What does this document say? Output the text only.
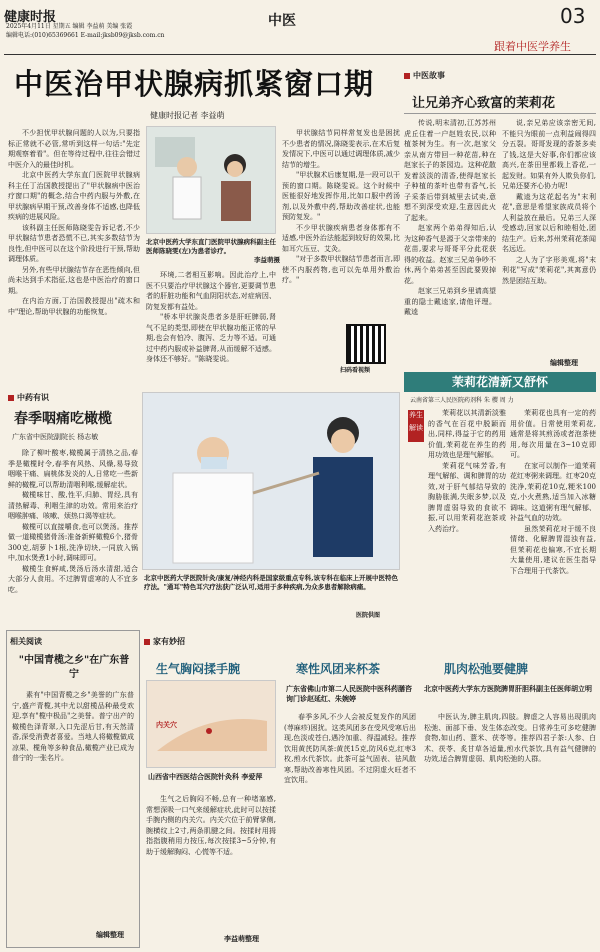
健康时报
2025年4月11日 星期五 编辑 李益萌 美编 张霞
编辑电话:(010)65369661 E-mail:jksb09@jksb.com.cn
中医	03
跟着中医学养生
中医治甲状腺病抓紧窗口期
健康时报记者 李益萌

不少担忧甲状腺问题的人以为,只要指标正常就不必管,常听到这样一句话:"先定期观察着看"。但在等待过程中,往往会错过中医介入的最佳时机。

北京中医药大学东直门医院甲状腺病科主任丁治国教授提出了"甲状腺病中医治疗窗口期"的概念,结合中药内服与外敷,在甲状腺病早期干预,改善身体不适感,也降低疾病的进展风险。

该科副主任医师陈晓雯告诉记者,不少甲状腺结节患者恐慌不已,其实多数结节为良性,但中医可以在这个阶段进行干预,帮助调理体质。

另外,有些甲状腺结节存在恶性倾向,但尚未达到手术指征,这也是中医治疗的窗口期。

在内治方面,丁治国教授提出"疏木和中"理论,帮助甲状腺的功能恢复。

北京中医药大学东直门医院甲状腺病科副主任医师陈晓雯(左)为患者诊疗。
李益萌摄

环境,二者相互影响。因此治疗上,中医不只要治疗甲状腺这个器官,更要调节患者的肝脏功能和气血阴阳状态,对症病因、防复发都有益处。

"桥本甲状腺炎患者多是肝旺脾弱,肾气不足的类型,即使在甲状腺功能正常的早期,也会有怕冷、腹泻、乏力等不适。可通过中药内服或补益脾肾,从而缓解不适感。身体还不够好。"陈晓雯说。

甲状腺结节同样常复发也是困扰不少患者的情况,陈晓雯表示,在术后复发情况下,中医可以通过调理体质,减少结节的增生。

"甲状腺术后康复期,是一段可以干预的窗口期。陈晓雯说。这个时候中医能很好地发挥作用,比如口服中药汤剂,以及外敷中药,帮助改善症状,也能预防复发。"

不少甲状腺疾病患者身体都有不适感,中医外治法能起到较好的效果,比如耳穴压豆、艾灸。

"对于多数甲状腺结节患者而言,即使不内服药物,也可以先单用外敷治疗。"

扫码看视频
中医故事
让兄弟齐心致富的茉莉花

传说,明末清初,江苏苏州虎丘住着一户赵姓农民,以种植茶树为生。有一次,赵家父亲从南方带回一种花苗,种在赵家长子的茶园边。这种花散发着淡淡的清香,使得赵家长子种植的茶叶也带有香气,长子采茶后带到城里去试卖,意想不到深受欢迎,生意因此火了起来。

赵家两个弟弟得知后,认为这种香气是源于父亲带来的花苗,要求与哥哥平分此花获得的收益。赵家三兄弟争吵不休,两个弟弟甚至因此要毁掉花。

赵家三兄弟到乡里请高望重的隐士戴逵家,请他评理。戴逵

说,亲兄弟应该亲密无间,不能只为眼前一点利益闹得四分五裂。哥哥发现的香茶多卖了钱,这是大好事,你们都应该高兴,在茶田里都栽上香花,一起发财。如果有外人欺负你们,兄弟还要齐心协力呢!

戴逵为这花起名为"末利花",意思是希望家族成员将个人利益放在最后。兄弟三人深受感动,回家以后和睦相处,团结生产。后来,苏州茉莉花茶闻名远近。

之人为了字形美观,将"末利花"写成"茉莉花",其寓意仍然是团结互助。

编辑整理
茉莉花清新又舒怀
云南省第三人民医院药剂科 朱 樱 周 力
养生
解读

茉莉花以其清新淡雅的香气在百花中脱颖而出,同样,得益于它的药用价值,茉莉花在养生的药用功效也是理气解郁。

茉莉花气味芳香,有理气解郁、调和脾胃的功效,对于肝气郁结导致的胸胁胀满,失眠多梦,以及脾胃虚弱导致的食欲不振,可以用茉莉花泡茶或入药治疗。

茉莉花也具有一定的药用价值。日常使用茉莉花,通常是将其煎汤或者泡茶使用,每次用量在3~10克即可。

在家可以制作一道茉莉花红枣粥来调理。红枣20克洗净,茉莉花10克,粳米100克,小火煮熟,适当加入冰糖调味。这道粥有理气解郁、补益气血的功效。

虽然茉莉花对于缓不良情绪、化解脾胃湿浊有益,但茉莉花也偏寒,不宜长期大量使用,建议在医生指导下合理用于代茶饮。

中药有识
春季咽痛吃橄榄
广东省中医院副院长 杨志敏

除了柳叶酸枣,橄榄属于清热之品,春季是橄榄时令,春季有风热、风燥,易导致咽喉干痛、扁桃体发炎的人,日常吃一些新鲜的橄榄,可以帮助清咽利喉,缓解症状。

橄榄味甘、酸,性平,归肺、胃经,具有清热解毒、利咽生津的功效。常用来治疗咽喉肿痛、咳嗽、烦热口渴等症状。

橄榄可以直接嚼食,也可以煲汤。推荐做一道橄榄猪骨汤:准备新鲜橄榄6个,猪骨300克,胡萝卜1根,洗净切块,一同放入锅中,加水煲煮1小时,调味即可。

橄榄生食鲜咸,煲汤后汤水清甜,适合大部分人食用。不过脾胃虚寒的人不宜多吃。

北京中医药大学医院针灸/康复/神经内科是国家级重点专科,该专科在临床上开展中医特色疗法。"通耳"特色耳穴疗法获广泛认可,适用于多种疾病,为众多患者解除病痛。
医院供图
相关阅读
"中国青榄之乡"在广东普宁

素有"中国青榄之乡"美誉的广东普宁,盛产青榄,其中尤以甜榄品种最受欢迎,享有"榄中极品"之美誉。普宁出产的橄榄色泽青翠,入口先涩后甘,有天然清香,深受消费者喜爱。当地人将橄榄做成凉果、榄角等多种食品,橄榄产业已成为普宁的一张名片。

编辑整理
家有妙招
生气胸闷揉手腕
内关穴
山西省中西医结合医院针灸科 李爱萍

生气之后胸闷不畅,总有一种堵塞感,常想深吸一口气来缓解症状,此时可以按揉手腕内侧的内关穴。内关穴位于前臂掌侧,腕横纹上2寸,两条肌腱之间。按揉时用拇指指腹稍用力按压,每次按揉3~5分钟,有助于缓解胸闷、心慌等不适。

李益萌整理
寒性风团来杯茶
广东省佛山市第二人民医院中医科药膳咨询门诊赵延红、朱婉婷

春季多风,不少人会被反复发作的风团(荨麻疹)困扰。这类风团多在受风受寒后出现,色淡或苍白,遇冷加重、得温减轻。推荐饮用黄芪防风茶:黄芪15克,防风6克,红枣3枚,煎水代茶饮。此茶可益气固表、祛风散寒,帮助改善寒性风团。不过阴虚火旺者不宜饮用。

肌肉松弛要健脾
北京中医药大学东方医院脾胃肝胆科副主任医师胡立明

中医认为,脾主肌肉,四肢。脾虚之人容易出现肌肉松弛、面部下垂、发生体态改变。日常养生可多吃健脾食物,如山药、薏米、茯苓等。推荐四君子茶:人参、白术、茯苓、炙甘草各适量,煎水代茶饮,具有益气健脾的功效,适合脾胃虚弱、肌肉松弛的人群。
